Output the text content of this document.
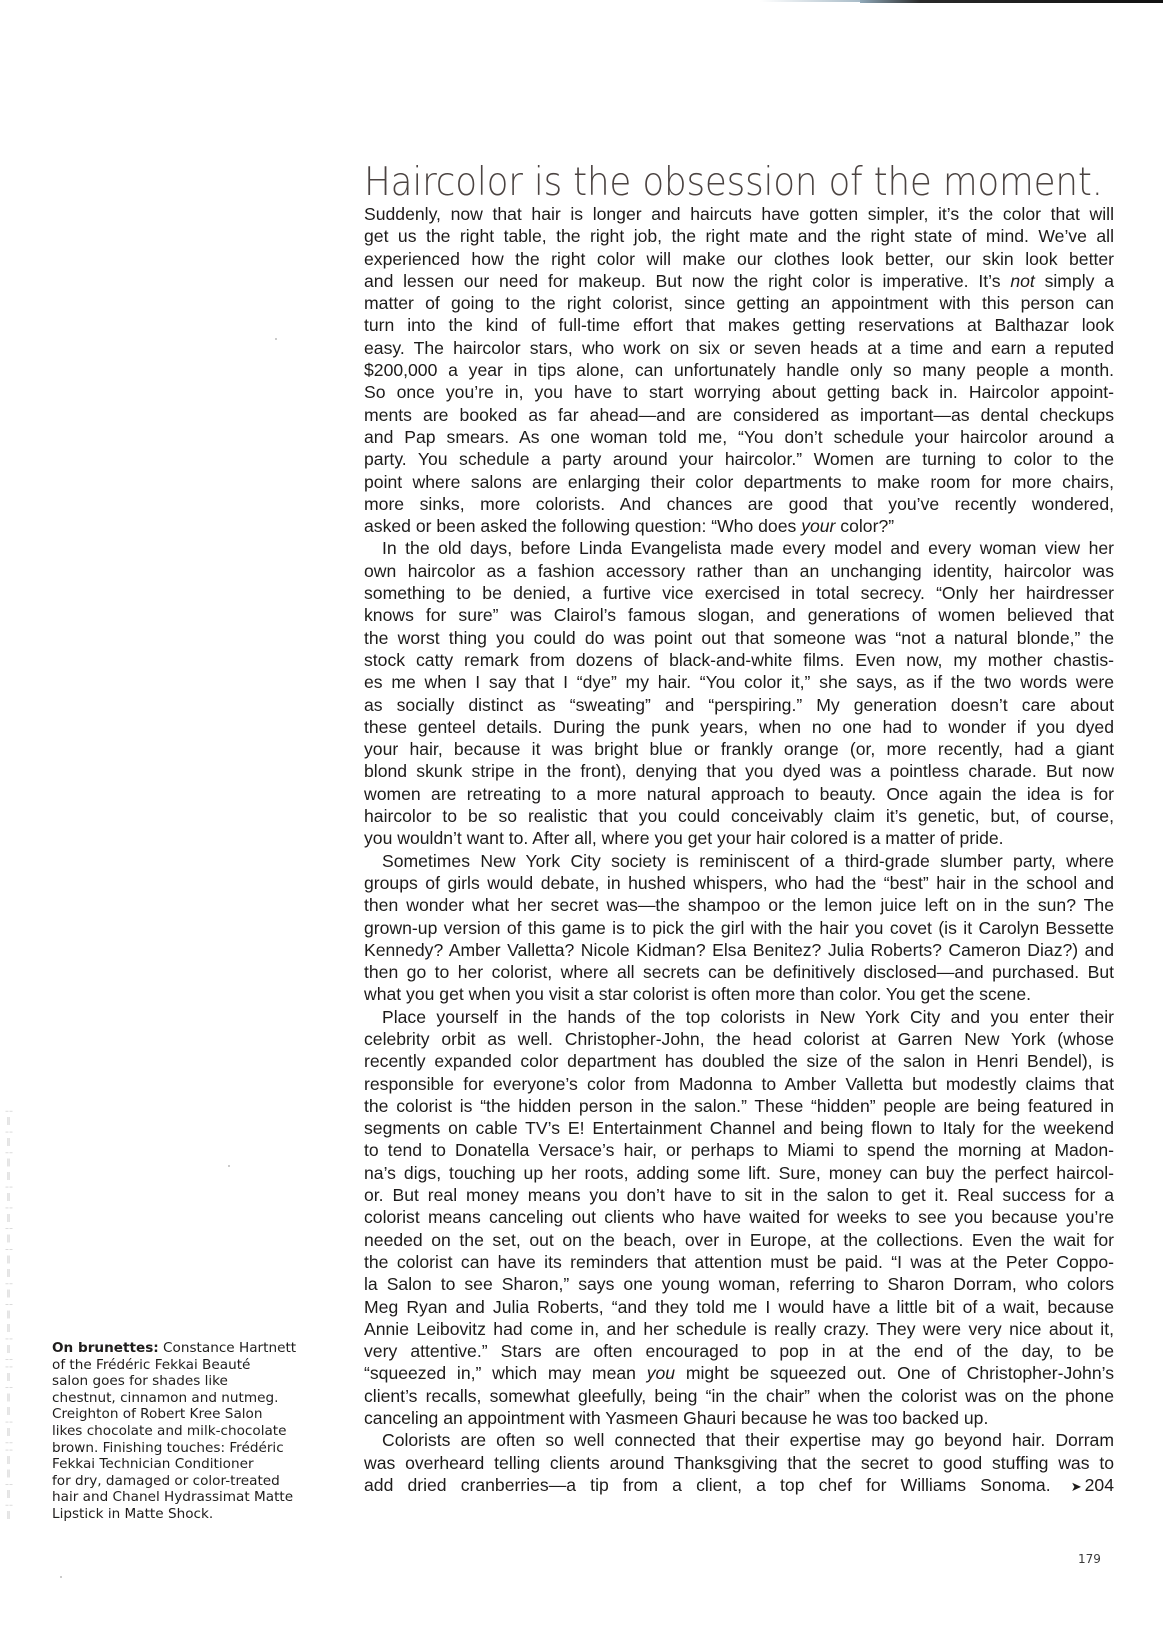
‖ ¦ ‖ ¦ ‖ ‖ ¦ ¦ ‖ ¦ ‖ ‖ ¦ ‖ ¦ ¦ ‖ ¦ ‖ ‖ ¦ ‖ ¦ ‖ ‖ ¦ ‖ ¦ ‖ ¦ ‖ ¦ ‖ ‖ ¦ ‖ ¦ ‖ ¦
Haircolor is the obsession of the moment.
Suddenly, now that hair is longer and haircuts have gotten simpler, it’s the color that will
get us the right table, the right job, the right mate and the right state of mind. We’ve all
experienced how the right color will make our clothes look better, our skin look better
and lessen our need for makeup. But now the right color is imperative. It’s not simply a
matter of going to the right colorist, since getting an appointment with this person can
turn into the kind of full-time effort that makes getting reservations at Balthazar look
easy. The haircolor stars, who work on six or seven heads at a time and earn a reputed
$200,000 a year in tips alone, can unfortunately handle only so many people a month.
So once you’re in, you have to start worrying about getting back in. Haircolor appoint-
ments are booked as far ahead—and are considered as important—as dental checkups
and Pap smears. As one woman told me, “You don’t schedule your haircolor around a
party. You schedule a party around your haircolor.” Women are turning to color to the
point where salons are enlarging their color departments to make room for more chairs,
more sinks, more colorists. And chances are good that you’ve recently wondered,
asked or been asked the following question: “Who does your color?”
In the old days, before Linda Evangelista made every model and every woman view her
own haircolor as a fashion accessory rather than an unchanging identity, haircolor was
something to be denied, a furtive vice exercised in total secrecy. “Only her hairdresser
knows for sure” was Clairol’s famous slogan, and generations of women believed that
the worst thing you could do was point out that someone was “not a natural blonde,” the
stock catty remark from dozens of black-and-white films. Even now, my mother chastis-
es me when I say that I “dye” my hair. “You color it,” she says, as if the two words were
as socially distinct as “sweating” and “perspiring.” My generation doesn’t care about
these genteel details. During the punk years, when no one had to wonder if you dyed
your hair, because it was bright blue or frankly orange (or, more recently, had a giant
blond skunk stripe in the front), denying that you dyed was a pointless charade. But now
women are retreating to a more natural approach to beauty. Once again the idea is for
haircolor to be so realistic that you could conceivably claim it’s genetic, but, of course,
you wouldn’t want to. After all, where you get your hair colored is a matter of pride.
Sometimes New York City society is reminiscent of a third-grade slumber party, where
groups of girls would debate, in hushed whispers, who had the “best” hair in the school and
then wonder what her secret was—the shampoo or the lemon juice left on in the sun? The
grown-up version of this game is to pick the girl with the hair you covet (is it Carolyn Bessette
Kennedy? Amber Valletta? Nicole Kidman? Elsa Benitez? Julia Roberts? Cameron Diaz?) and
then go to her colorist, where all secrets can be definitively disclosed—and purchased. But
what you get when you visit a star colorist is often more than color. You get the scene.
Place yourself in the hands of the top colorists in New York City and you enter their
celebrity orbit as well. Christopher-John, the head colorist at Garren New York (whose
recently expanded color department has doubled the size of the salon in Henri Bendel), is
responsible for everyone’s color from Madonna to Amber Valletta but modestly claims that
the colorist is “the hidden person in the salon.” These “hidden” people are being featured in
segments on cable TV’s E! Entertainment Channel and being flown to Italy for the weekend
to tend to Donatella Versace’s hair, or perhaps to Miami to spend the morning at Madon-
na’s digs, touching up her roots, adding some lift. Sure, money can buy the perfect haircol-
or. But real money means you don’t have to sit in the salon to get it. Real success for a
colorist means canceling out clients who have waited for weeks to see you because you’re
needed on the set, out on the beach, over in Europe, at the collections. Even the wait for
the colorist can have its reminders that attention must be paid. “I was at the Peter Coppo-
la Salon to see Sharon,” says one young woman, referring to Sharon Dorram, who colors
Meg Ryan and Julia Roberts, “and they told me I would have a little bit of a wait, because
Annie Leibovitz had come in, and her schedule is really crazy. They were very nice about it,
very attentive.” Stars are often encouraged to pop in at the end of the day, to be
“squeezed in,” which may mean you might be squeezed out. One of Christopher-John’s
client’s recalls, somewhat gleefully, being “in the chair” when the colorist was on the phone
canceling an appointment with Yasmeen Ghauri because he was too backed up.
Colorists are often so well connected that their expertise may go beyond hair. Dorram
was overheard telling clients around Thanksgiving that the secret to good stuffing was to
add dried cranberries—a tip from a client, a top chef for Williams Sonoma. ➤ 204
On brunettes: Constance Hartnett
of the Frédéric Fekkai Beauté
salon goes for shades like
chestnut, cinnamon and nutmeg.
Creighton of Robert Kree Salon
likes chocolate and milk-chocolate
brown. Finishing touches: Frédéric
Fekkai Technician Conditioner
for dry, damaged or color-treated
hair and Chanel Hydrassimat Matte
Lipstick in Matte Shock.
179
